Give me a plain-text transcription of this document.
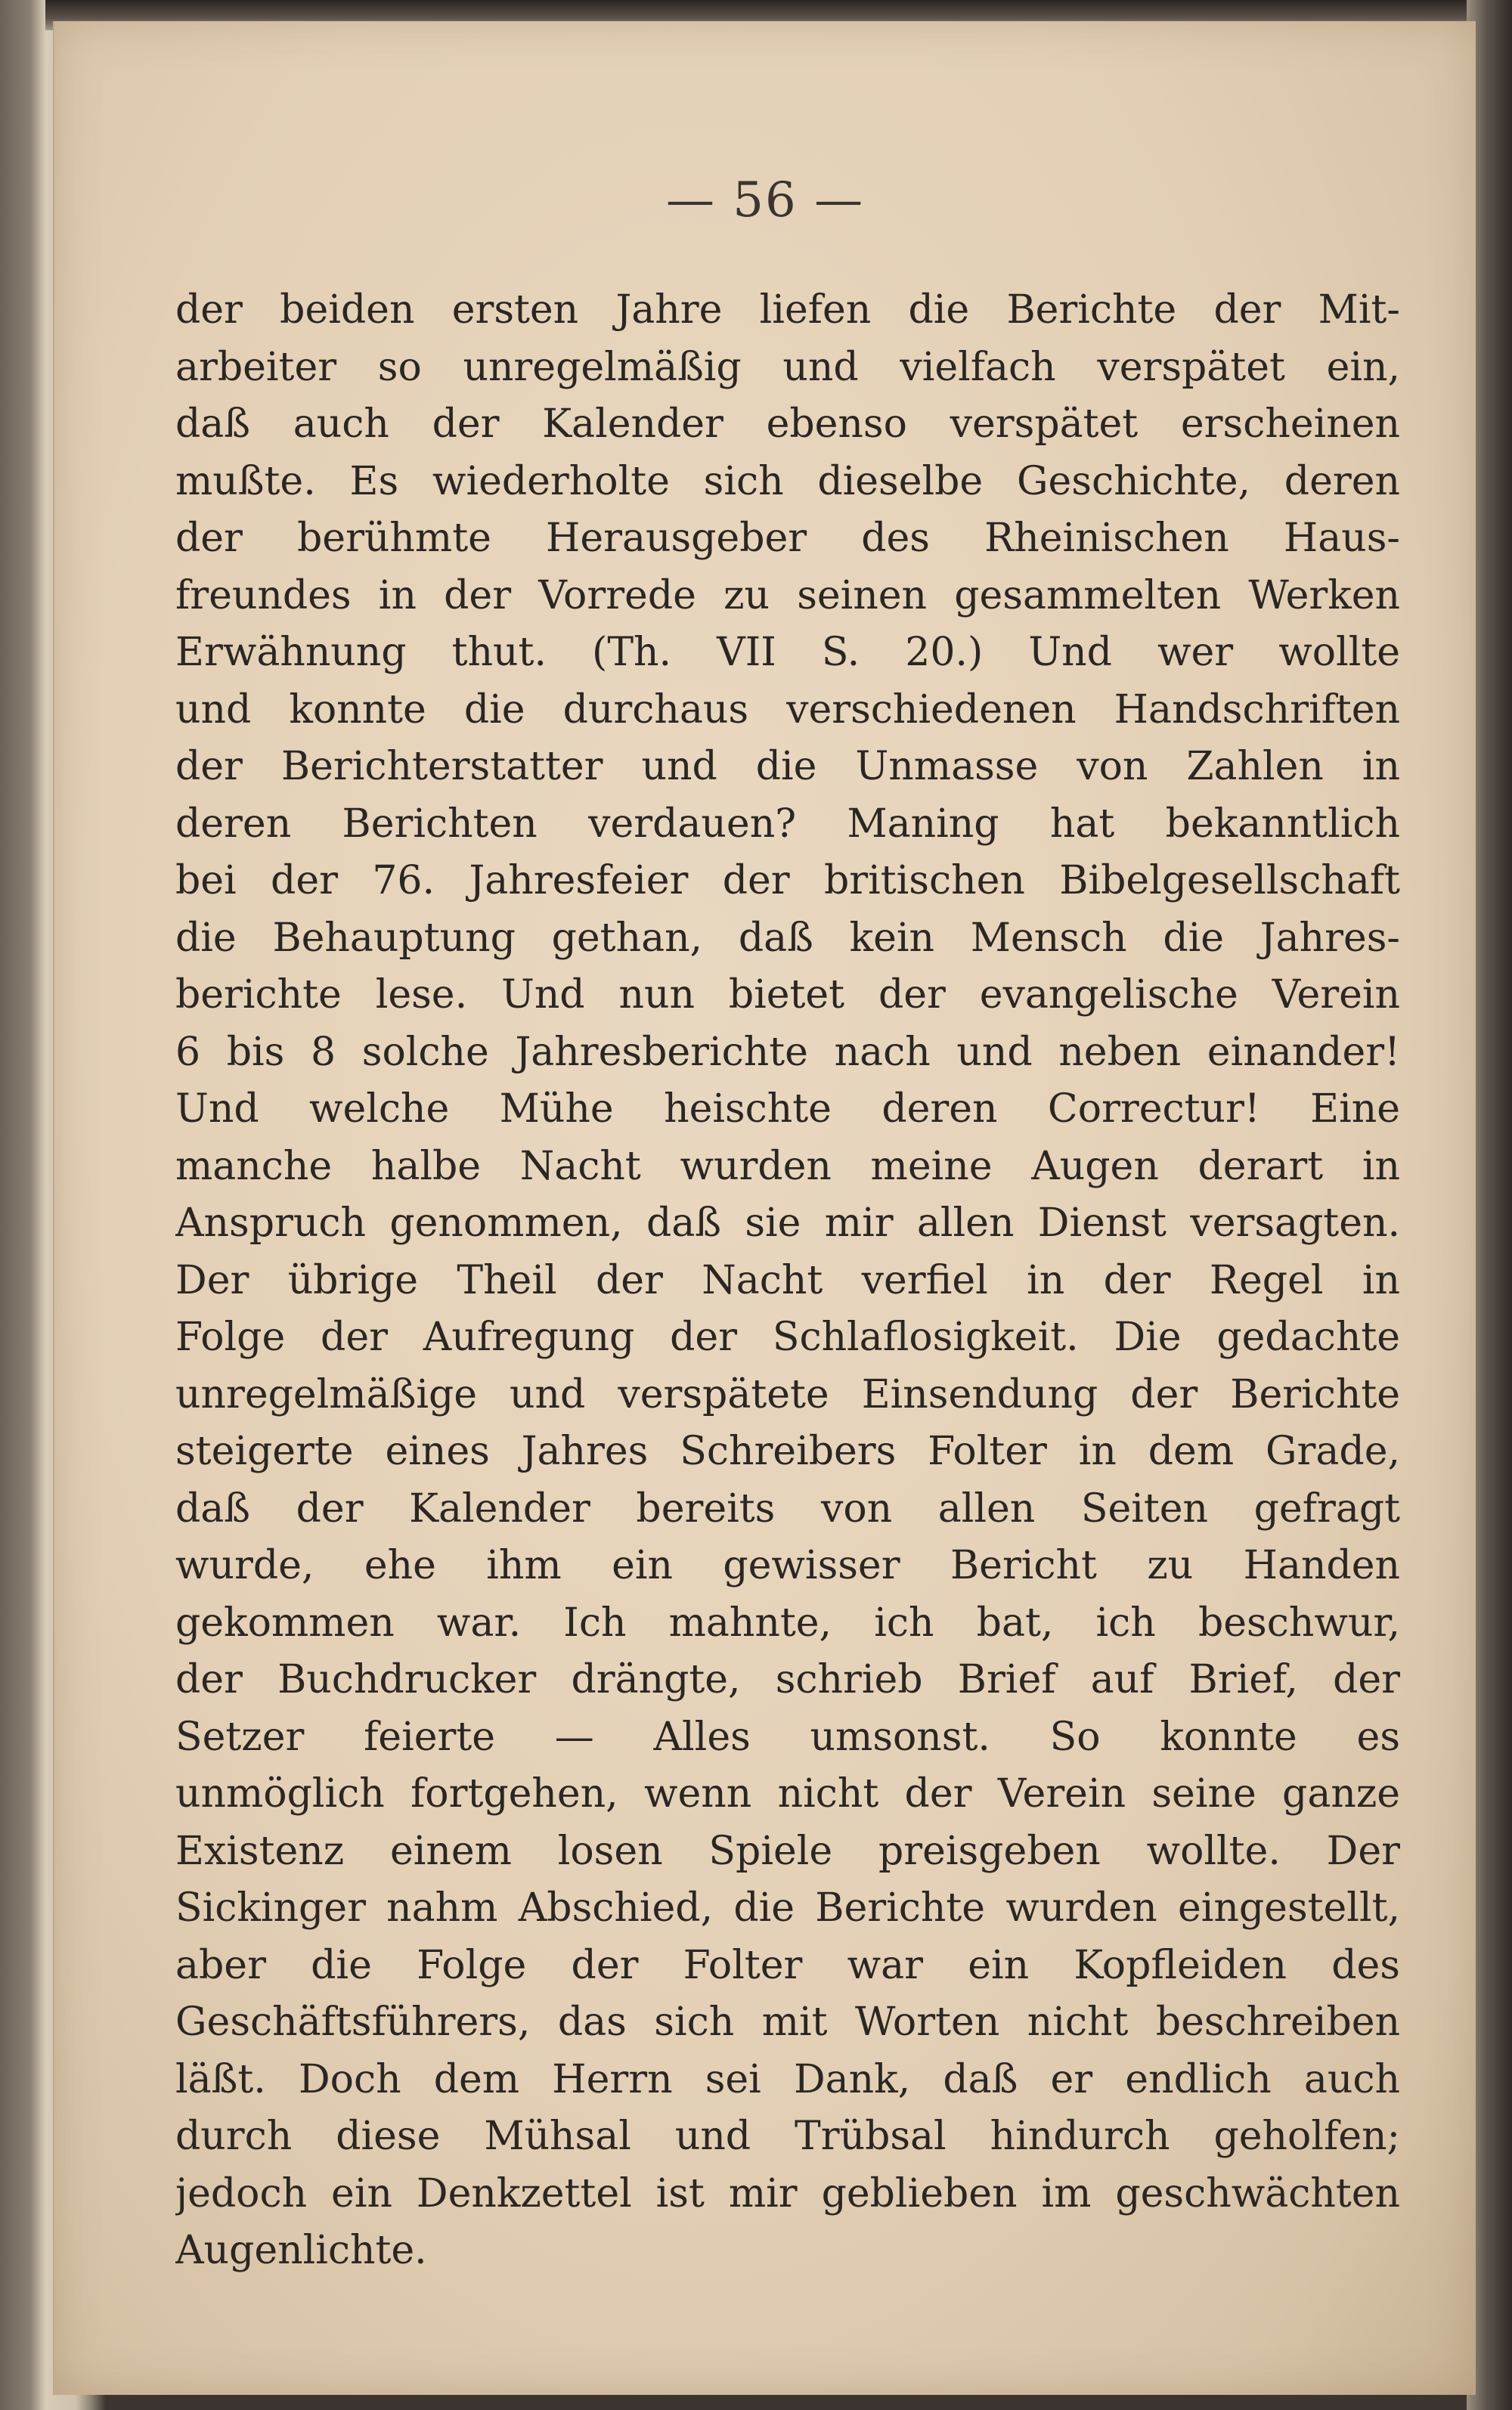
— 56 —
der beiden ersten Jahre liefen die Berichte der Mit-
arbeiter so unregelmäßig und vielfach verspätet ein,
daß auch der Kalender ebenso verspätet erscheinen
mußte. Es wiederholte sich dieselbe Geschichte, deren
der berühmte Herausgeber des Rheinischen Haus-
freundes in der Vorrede zu seinen gesammelten Werken
Erwähnung thut. (Th. VII S. 20.) Und wer wollte
und konnte die durchaus verschiedenen Handschriften
der Berichterstatter und die Unmasse von Zahlen in
deren Berichten verdauen? Maning hat bekanntlich
bei der 76. Jahresfeier der britischen Bibelgesellschaft
die Behauptung gethan, daß kein Mensch die Jahres-
berichte lese. Und nun bietet der evangelische Verein
6 bis 8 solche Jahresberichte nach und neben einander!
Und welche Mühe heischte deren Correctur! Eine
manche halbe Nacht wurden meine Augen derart in
Anspruch genommen, daß sie mir allen Dienst versagten.
Der übrige Theil der Nacht verfiel in der Regel in
Folge der Aufregung der Schlaflosigkeit. Die gedachte
unregelmäßige und verspätete Einsendung der Berichte
steigerte eines Jahres Schreibers Folter in dem Grade,
daß der Kalender bereits von allen Seiten gefragt
wurde, ehe ihm ein gewisser Bericht zu Handen
gekommen war. Ich mahnte, ich bat, ich beschwur,
der Buchdrucker drängte, schrieb Brief auf Brief, der
Setzer feierte — Alles umsonst. So konnte es
unmöglich fortgehen, wenn nicht der Verein seine ganze
Existenz einem losen Spiele preisgeben wollte. Der
Sickinger nahm Abschied, die Berichte wurden eingestellt,
aber die Folge der Folter war ein Kopfleiden des
Geschäftsführers, das sich mit Worten nicht beschreiben
läßt. Doch dem Herrn sei Dank, daß er endlich auch
durch diese Mühsal und Trübsal hindurch geholfen;
jedoch ein Denkzettel ist mir geblieben im geschwächten
Augenlichte.
